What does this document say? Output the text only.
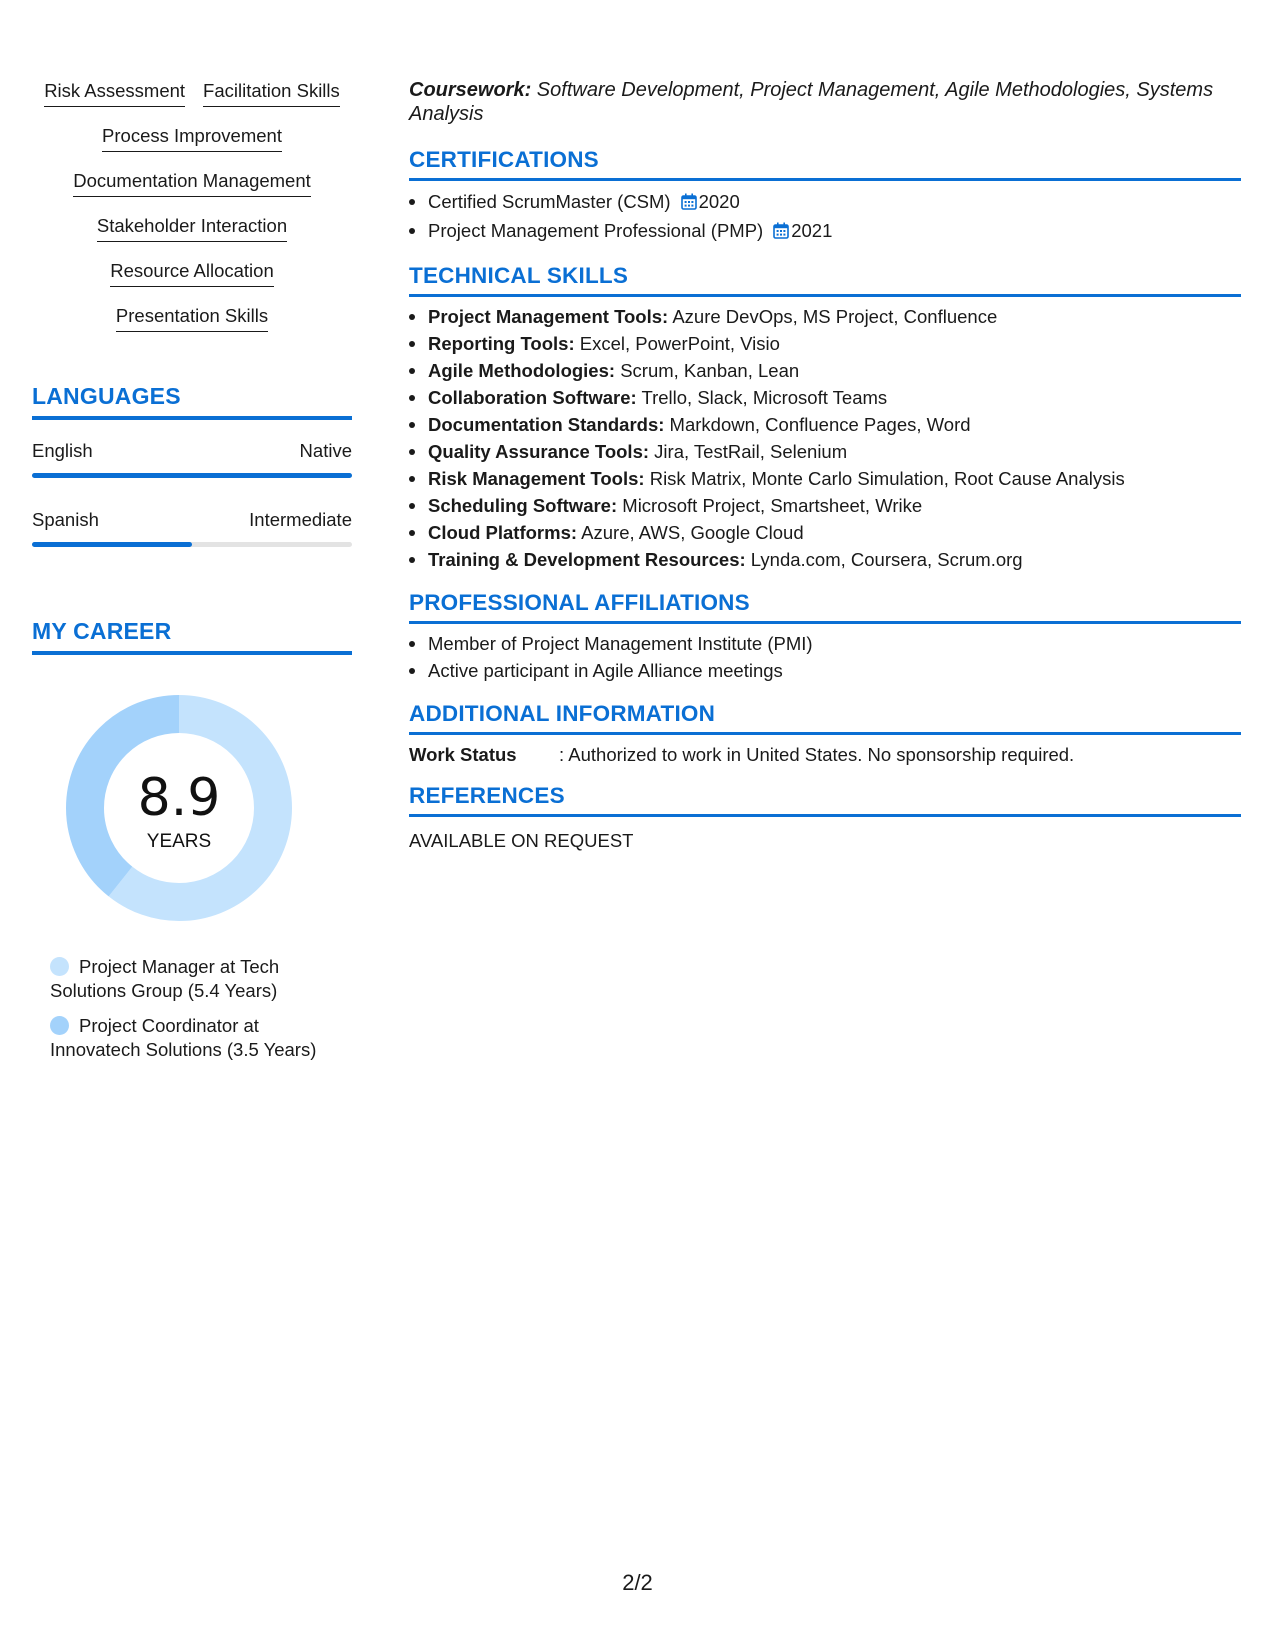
Risk Assessment Facilitation Skills
Process Improvement
Documentation Management
Stakeholder Interaction
Resource Allocation
Presentation Skills
LANGUAGES
English	Native
Spanish	Intermediate
MY CAREER
8.9
YEARS
Project Manager at Tech Solutions Group (5.4 Years)
Project Coordinator at Innovatech Solutions (3.5 Years)
Coursework: Software Development, Project Management, Agile Methodologies, Systems Analysis
CERTIFICATIONS
Certified ScrumMaster (CSM) 2020
Project Management Professional (PMP) 2021
TECHNICAL SKILLS
Project Management Tools: Azure DevOps, MS Project, Confluence
Reporting Tools: Excel, PowerPoint, Visio
Agile Methodologies: Scrum, Kanban, Lean
Collaboration Software: Trello, Slack, Microsoft Teams
Documentation Standards: Markdown, Confluence Pages, Word
Quality Assurance Tools: Jira, TestRail, Selenium
Risk Management Tools: Risk Matrix, Monte Carlo Simulation, Root Cause Analysis
Scheduling Software: Microsoft Project, Smartsheet, Wrike
Cloud Platforms: Azure, AWS, Google Cloud
Training & Development Resources: Lynda.com, Coursera, Scrum.org
PROFESSIONAL AFFILIATIONS
Member of Project Management Institute (PMI)
Active participant in Agile Alliance meetings
ADDITIONAL INFORMATION
Work Status	: Authorized to work in United States. No sponsorship required.
REFERENCES
AVAILABLE ON REQUEST
2/2
